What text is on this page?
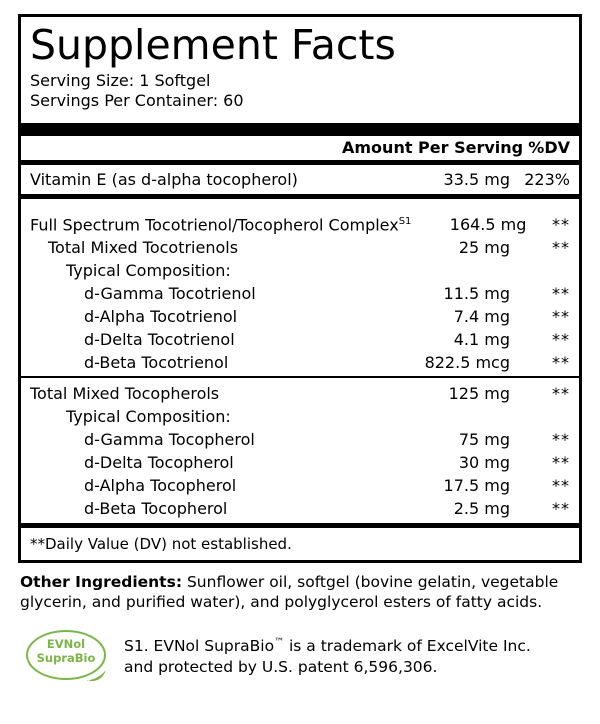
Supplement Facts
Serving Size: 1 Softgel
Servings Per Container: 60
Amount Per Serving %DV
Vitamin E (as d-alpha tocopherol)	33.5 mg 223%
Full Spectrum Tocotrienol/Tocopherol Complex$^{S1}$	164.5 mg	**
Total Mixed Tocotrienols	25 mg	**
Typical Composition:
d-Gamma Tocotrienol	11.5 mg	**
d-Alpha Tocotrienol	7.4 mg	**
d-Delta Tocotrienol	4.1 mg	**
d-Beta Tocotrienol	822.5 mcg	**
Total Mixed Tocopherols	125 mg	**
Typical Composition:
d-Gamma Tocopherol	75 mg	**
d-Delta Tocopherol	30 mg	**
d-Alpha Tocopherol	17.5 mg	**
d-Beta Tocopherol	2.5 mg	**
**Daily Value (DV) not established.
Other Ingredients: Sunflower oil, softgel (bovine gelatin, vegetable glycerin, and purified water), and polyglycerol esters of fatty acids.
EVNol
SupraBio
S1. EVNol SupraBio™ is a trademark of ExcelVite Inc.
and protected by U.S. patent 6,596,306.
